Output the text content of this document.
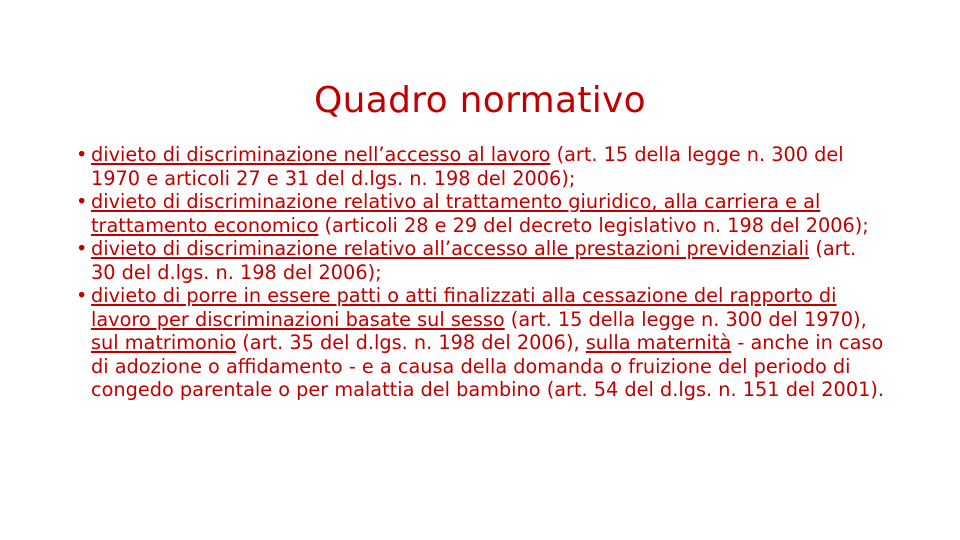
Quadro normativo
• divieto di discriminazione nell’accesso al lavoro (art. 15 della legge n. 300 del 1970 e articoli 27 e 31 del d.lgs. n. 198 del 2006);
• divieto di discriminazione relativo al trattamento giuridico, alla carriera e al trattamento economico (articoli 28 e 29 del decreto legislativo n. 198 del 2006);
• divieto di discriminazione relativo all’accesso alle prestazioni previdenziali (art. 30 del d.lgs. n. 198 del 2006);
• divieto di porre in essere patti o atti finalizzati alla cessazione del rapporto di lavoro per discriminazioni basate sul sesso (art. 15 della legge n. 300 del 1970), sul matrimonio (art. 35 del d.lgs. n. 198 del 2006), sulla maternità - anche in caso di adozione o affidamento - e a causa della domanda o fruizione del periodo di congedo parentale o per malattia del bambino (art. 54 del d.lgs. n. 151 del 2001).
